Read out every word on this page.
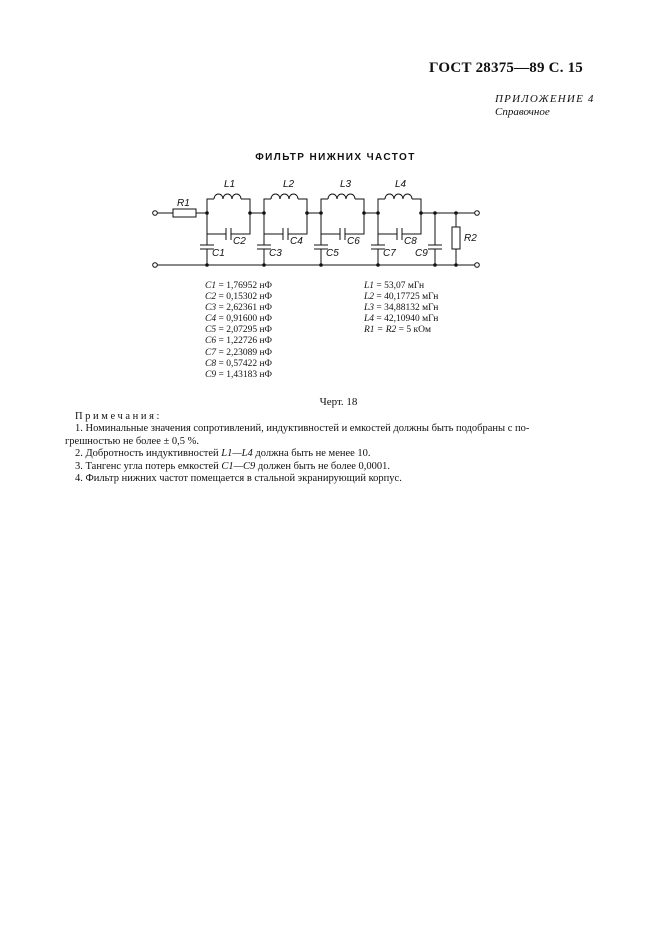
ГОСТ 28375—89 С. 15
ПРИЛОЖЕНИЕ 4
Справочное
ФИЛЬТР НИЖНИХ ЧАСТОТ
R1
L1	L2	L3	L4
C2	C4	C6	C8
C1	C3	C5	C7 C9
R2
C1 = 1,76952 нФ
C2 = 0,15302 нФ
C3 = 2,62361 нФ
C4 = 0,91600 нФ
C5 = 2,07295 нФ
C6 = 1,22726 нФ
C7 = 2,23089 нФ
C8 = 0,57422 нФ
C9 = 1,43183 нФ
L1 = 53,07 мГн
L2 = 40,17725 мГн
L3 = 34,88132 мГн
L4 = 42,10940 мГн
R1 = R2 = 5 кОм
Черт. 18
Примечания:
1. Номинальные значения сопротивлений, индуктивностей и емкостей должны быть подобраны с по-
грешностью не более ± 0,5 %.
2. Добротность индуктивностей L1—L4 должна быть не менее 10.
3. Тангенс угла потерь емкостей C1—C9 должен быть не более 0,0001.
4. Фильтр нижних частот помещается в стальной экранирующий корпус.
